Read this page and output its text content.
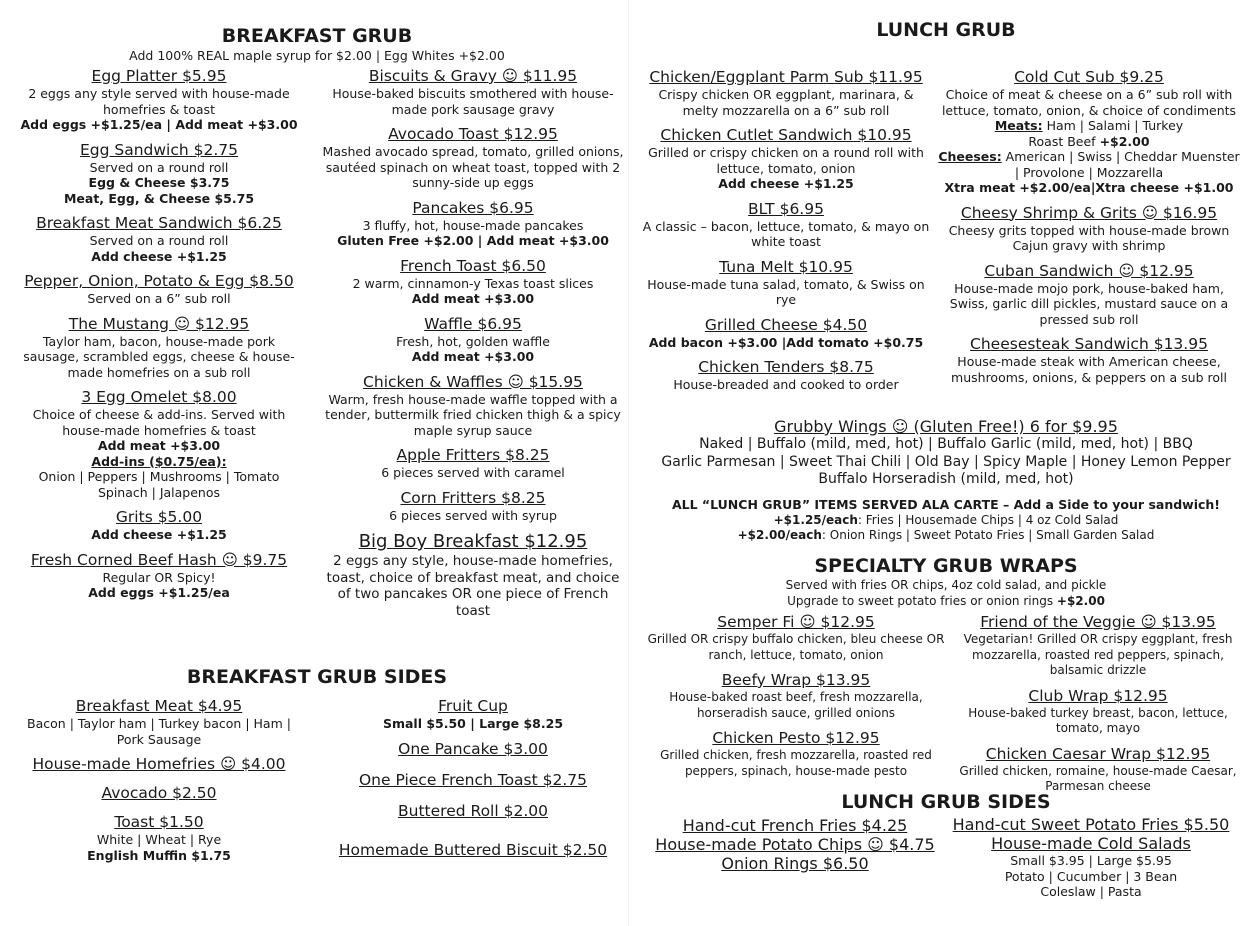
BREAKFAST GRUB
Add 100% REAL maple syrup for $2.00 | Egg Whites +$2.00
Egg Platter $5.95
2 eggs any style served with house-made homefries & toast
Add eggs +$1.25/ea | Add meat +$3.00
Egg Sandwich $2.75
Served on a round roll
Egg & Cheese $3.75
Meat, Egg, & Cheese $5.75
Breakfast Meat Sandwich $6.25
Served on a round roll
Add cheese +$1.25
Pepper, Onion, Potato & Egg $8.50
Served on a 6” sub roll
The Mustang ☺ $12.95
Taylor ham, bacon, house-made pork sausage, scrambled eggs, cheese & house-made homefries on a sub roll
3 Egg Omelet $8.00
Choice of cheese & add-ins. Served with house-made homefries & toast
Add meat +$3.00
Add-ins ($0.75/ea):
Onion | Peppers | Mushrooms | Tomato Spinach | Jalapenos
Grits $5.00
Add cheese +$1.25
Fresh Corned Beef Hash ☺ $9.75
Regular OR Spicy!
Add eggs +$1.25/ea
Biscuits & Gravy ☺ $11.95
House-baked biscuits smothered with house-made pork sausage gravy
Avocado Toast $12.95
Mashed avocado spread, tomato, grilled onions, sautéed spinach on wheat toast, topped with 2 sunny-side up eggs
Pancakes $6.95
3 fluffy, hot, house-made pancakes
Gluten Free +$2.00 | Add meat +$3.00
French Toast $6.50
2 warm, cinnamon-y Texas toast slices
Add meat +$3.00
Waffle $6.95
Fresh, hot, golden waffle
Add meat +$3.00
Chicken & Waffles ☺ $15.95
Warm, fresh house-made waffle topped with a tender, buttermilk fried chicken thigh & a spicy maple syrup sauce
Apple Fritters $8.25
6 pieces served with caramel
Corn Fritters $8.25
6 pieces served with syrup
Big Boy Breakfast $12.95
2 eggs any style, house-made homefries, toast, choice of breakfast meat, and choice of two pancakes OR one piece of French toast
BREAKFAST GRUB SIDES
Breakfast Meat $4.95
Bacon | Taylor ham | Turkey bacon | Ham | Pork Sausage
House-made Homefries ☺ $4.00
Avocado $2.50
Toast $1.50
White | Wheat | Rye
English Muffin $1.75
Fruit Cup
Small $5.50 | Large $8.25
One Pancake $3.00
One Piece French Toast $2.75
Buttered Roll $2.00
Homemade Buttered Biscuit $2.50
LUNCH GRUB
Chicken/Eggplant Parm Sub $11.95
Crispy chicken OR eggplant, marinara, & melty mozzarella on a 6” sub roll
Chicken Cutlet Sandwich $10.95
Grilled or crispy chicken on a round roll with lettuce, tomato, onion
Add cheese +$1.25
BLT $6.95
A classic – bacon, lettuce, tomato, & mayo on white toast
Tuna Melt $10.95
House-made tuna salad, tomato, & Swiss on rye
Grilled Cheese $4.50
Add bacon +$3.00 |Add tomato +$0.75
Chicken Tenders $8.75
House-breaded and cooked to order
Cold Cut Sub $9.25
Choice of meat & cheese on a 6” sub roll with lettuce, tomato, onion, & choice of condiments
Meats: Ham | Salami | Turkey
Roast Beef +$2.00
Cheeses: American | Swiss | Cheddar Muenster | Provolone | Mozzarella
Xtra meat +$2.00/ea|Xtra cheese +$1.00
Cheesy Shrimp & Grits ☺ $16.95
Cheesy grits topped with house-made brown Cajun gravy with shrimp
Cuban Sandwich ☺ $12.95
House-made mojo pork, house-baked ham, Swiss, garlic dill pickles, mustard sauce on a pressed sub roll
Cheesesteak Sandwich $13.95
House-made steak with American cheese, mushrooms, onions, & peppers on a sub roll
Grubby Wings ☺ (Gluten Free!) 6 for $9.95
Naked | Buffalo (mild, med, hot) | Buffalo Garlic (mild, med, hot) | BBQ
Garlic Parmesan | Sweet Thai Chili | Old Bay | Spicy Maple | Honey Lemon Pepper
Buffalo Horseradish (mild, med, hot)
ALL “LUNCH GRUB” ITEMS SERVED ALA CARTE – Add a Side to your sandwich!
+$1.25/each: Fries | Housemade Chips | 4 oz Cold Salad
+$2.00/each: Onion Rings | Sweet Potato Fries | Small Garden Salad
SPECIALTY GRUB WRAPS
Served with fries OR chips, 4oz cold salad, and pickle
Upgrade to sweet potato fries or onion rings +$2.00
Semper Fi ☺ $12.95
Grilled OR crispy buffalo chicken, bleu cheese OR ranch, lettuce, tomato, onion
Beefy Wrap $13.95
House-baked roast beef, fresh mozzarella, horseradish sauce, grilled onions
Chicken Pesto $12.95
Grilled chicken, fresh mozzarella, roasted red peppers, spinach, house-made pesto
Friend of the Veggie ☺ $13.95
Vegetarian! Grilled OR crispy eggplant, fresh mozzarella, roasted red peppers, spinach, balsamic drizzle
Club Wrap $12.95
House-baked turkey breast, bacon, lettuce, tomato, mayo
Chicken Caesar Wrap $12.95
Grilled chicken, romaine, house-made Caesar, Parmesan cheese
LUNCH GRUB SIDES
Hand-cut French Fries $4.25
House-made Potato Chips ☺ $4.75
Onion Rings $6.50
Hand-cut Sweet Potato Fries $5.50
House-made Cold Salads
Small $3.95 | Large $5.95
Potato | Cucumber | 3 Bean
Coleslaw | Pasta
